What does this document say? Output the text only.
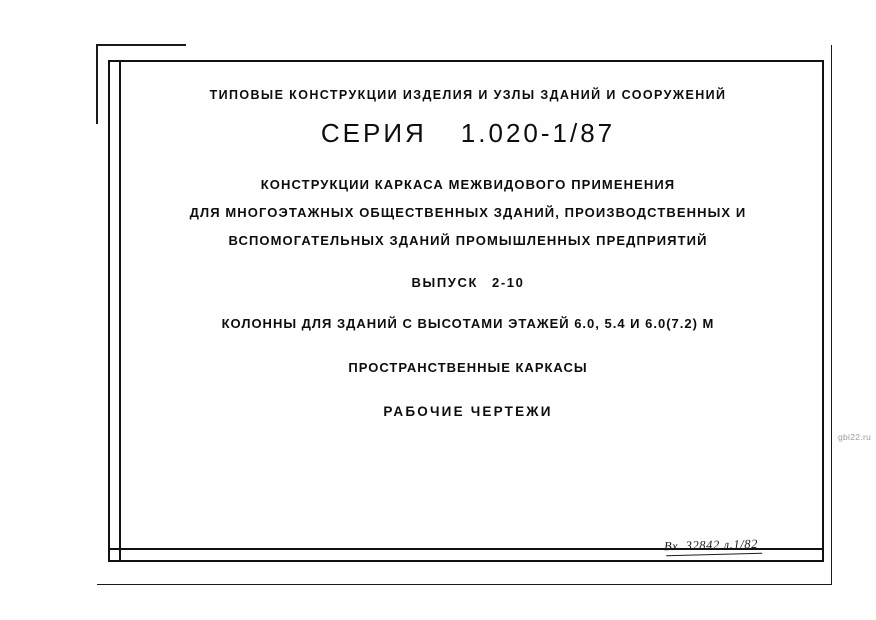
ТИПОВЫЕ КОНСТРУКЦИИ ИЗДЕЛИЯ И УЗЛЫ ЗДАНИЙ И СООРУЖЕНИЙ
СЕРИЯ 1.020-1/87
КОНСТРУКЦИИ КАРКАСА МЕЖВИДОВОГО ПРИМЕНЕНИЯ
ДЛЯ МНОГОЭТАЖНЫХ ОБЩЕСТВЕННЫХ ЗДАНИЙ, ПРОИЗВОДСТВЕННЫХ И
ВСПОМОГАТЕЛЬНЫХ ЗДАНИЙ ПРОМЫШЛЕННЫХ ПРЕДПРИЯТИЙ
ВЫПУСК 2-10
КОЛОННЫ ДЛЯ ЗДАНИЙ С ВЫСОТАМИ ЭТАЖЕЙ 6.0, 5.4 И 6.0(7.2) М
ПРОСТРАНСТВЕННЫЕ КАРКАСЫ
РАБОЧИЕ ЧЕРТЕЖИ
gbi22.ru
Вх. 32842 л.1/82
